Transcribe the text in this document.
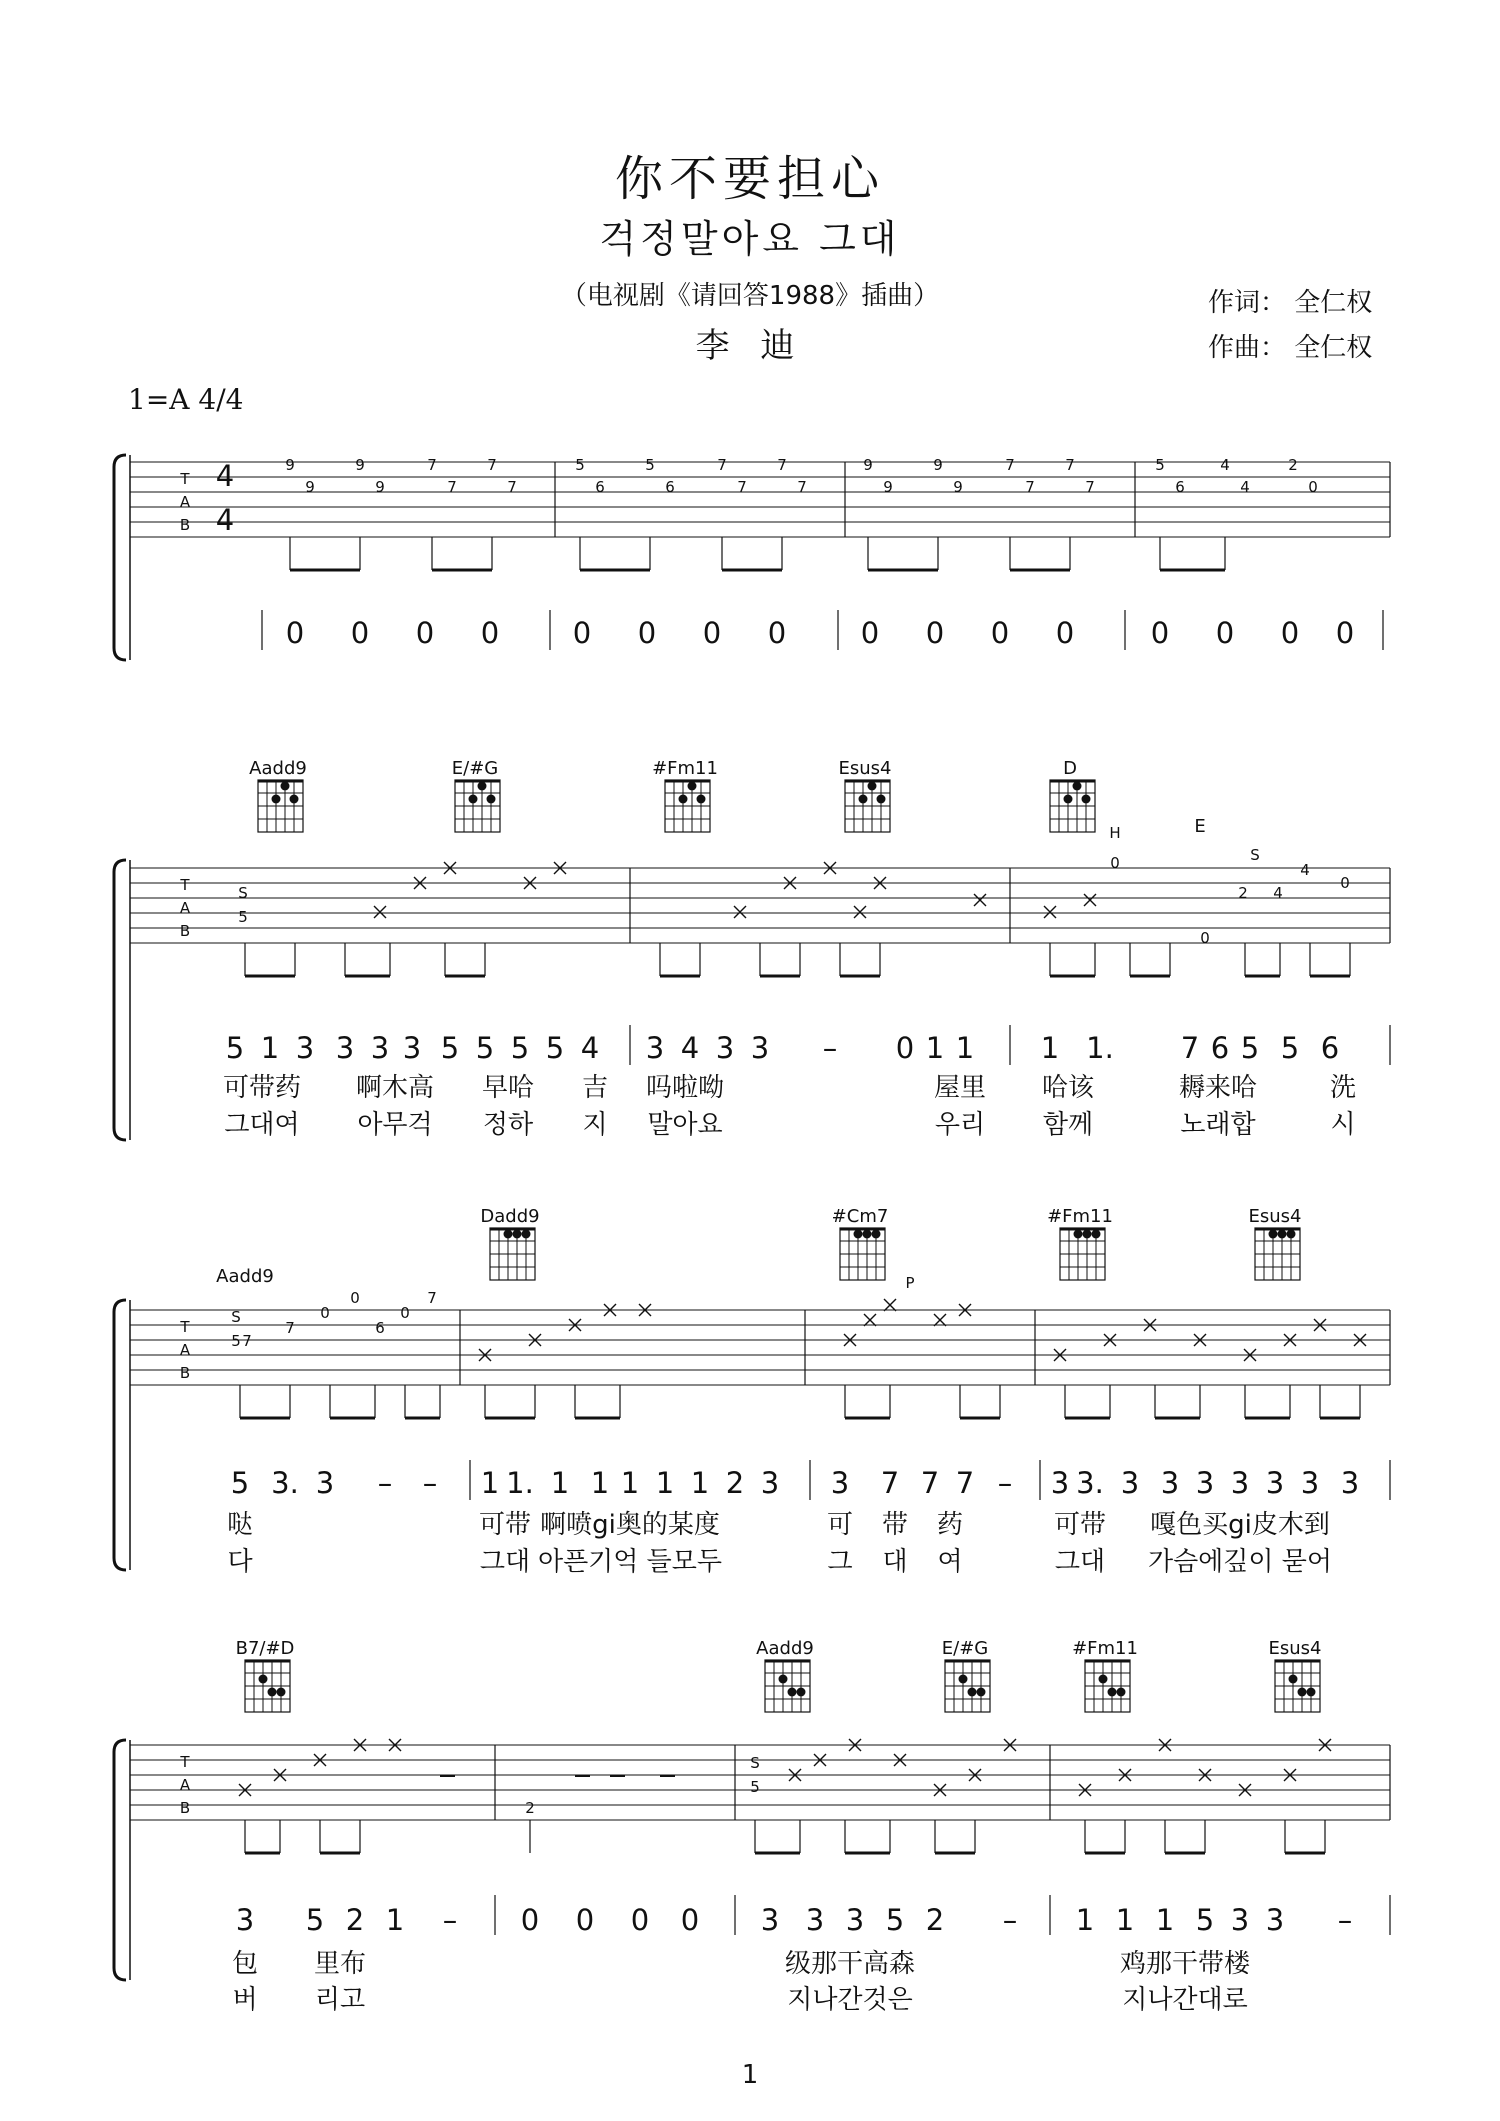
你不要担心
걱정말아요 그대
（电视剧《请回答1988》插曲）
李 迪
作词： 全仁权
作曲： 全仁权
1=A 4/4
1
T
A
B
4
4
9
9
9
9
7
7
7
7
5
6
5
6
7
7
7
7
9
9
9
9
7
7
7
7
5
6
4
4
2
0
0 0 0 0	0 0 0 0	0 0 0 0	0 0 0 0
Aadd9	E/#G	#Fm11	Esus4	D
E
T
A
B
S
5
0
S
2 4
0
4
H
0
5 1 3 3 3 3 5 5 5 5 4 3 4 3 3 – 0 1 1 1 1. 7 6 5 5 6
可带药 啊木高 早哈 吉 吗啦呦	屋里 哈该	耨来哈	洗
그대여 아무걱 정하 지 말아요	우리 함께	노래합	시
Aadd9
Dadd9	#Cm7	#Fm11	Esus4
T
A
B
S
5 7
7
0
0
6
0
7
P
5 3. 3 – – 1 1. 1 1 1 1 1 2 3 3 7 7 7 – 3 3. 3 3 3 3 3 3 3
哒	可带 啊喷gi奥的某度	可 带 药	可带 嘎色买gi皮木到
다	그대 아픈기억 들모두	그 대 여	그대 가슴에깊이 묻어
B7/#D	Aadd9	E/#G	#Fm11	Esus4
T
A
B	2
S
5
3 5 2 1 – 0 0 0 0 3 3 3 5 2 – 1 1 1 5 3 3 –
包 里布	级那干高森	鸡那干带楼
버 리고	지나간것은	지나간대로
